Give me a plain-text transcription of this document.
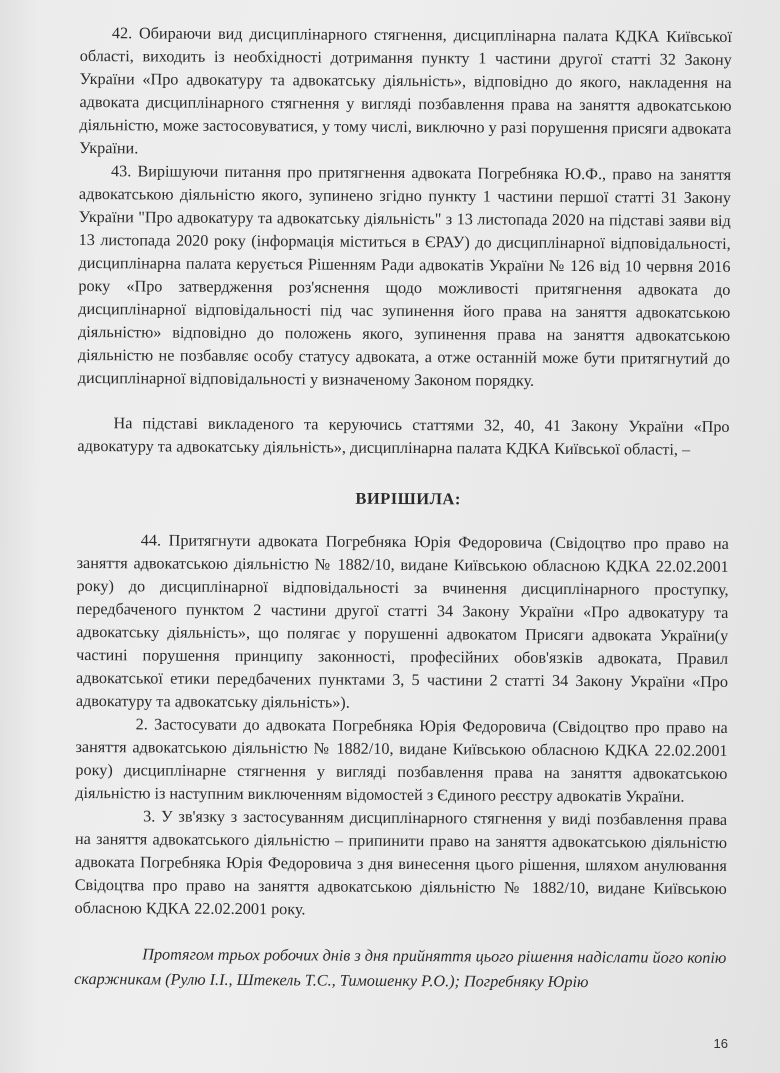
42. Обираючи вид дисциплінарного стягнення, дисциплінарна палата КДКА Київської області, виходить із необхідності дотримання пункту 1 частини другої статті 32 Закону України «Про адвокатуру та адвокатську діяльність», відповідно до якого, накладення на адвоката дисциплінарного стягнення у вигляді позбавлення права на заняття адвокатською діяльністю, може застосовуватися, у тому числі, виключно у разі порушення присяги адвоката України.

43. Вирішуючи питання про притягнення адвоката Погребняка Ю.Ф., право на заняття адвокатською діяльністю якого, зупинено згідно пункту 1 частини першої статті 31 Закону України "Про адвокатуру та адвокатську діяльність" з 13 листопада 2020 на підставі заяви від 13 листопада 2020 року (інформація міститься в ЄРАУ) до дисциплінарної відповідальності, дисциплінарна палата керується Рішенням Ради адвокатів України № 126 від 10 червня 2016 року «Про затвердження роз'яснення щодо можливості притягнення адвоката до дисциплінарної відповідальності під час зупинення його права на заняття адвокатською діяльністю» відповідно до положень якого, зупинення права на заняття адвокатською діяльністю не позбавляє особу статусу адвоката, а отже останній може бути притягнутий до дисциплінарної відповідальності у визначеному Законом порядку.

На підставі викладеного та керуючись статтями 32, 40, 41 Закону України «Про адвокатуру та адвокатську діяльність», дисциплінарна палата КДКА Київської області, –

ВИРІШИЛА:

44. Притягнути адвоката Погребняка Юрія Федоровича (Свідоцтво про право на заняття адвокатською діяльністю № 1882/10, видане Київською обласною КДКА 22.02.2001 року) до дисциплінарної відповідальності за вчинення дисциплінарного проступку, передбаченого пунктом 2 частини другої статті 34 Закону України «Про адвокатуру та адвокатську діяльність», що полягає у порушенні адвокатом Присяги адвоката України(у частині порушення принципу законності, професійних обов'язків адвоката, Правил адвокатської етики передбачених пунктами 3, 5 частини 2 статті 34 Закону України «Про адвокатуру та адвокатську діяльність»).

2. Застосувати до адвоката Погребняка Юрія Федоровича (Свідоцтво про право на заняття адвокатською діяльністю № 1882/10, видане Київською обласною КДКА 22.02.2001 року) дисциплінарне стягнення у вигляді позбавлення права на заняття адвокатською діяльністю із наступним виключенням відомостей з Єдиного реєстру адвокатів України.

3. У зв'язку з застосуванням дисциплінарного стягнення у виді позбавлення права на заняття адвокатського діяльністю – припинити право на заняття адвокатською діяльністю адвоката Погребняка Юрія Федоровича з дня винесення цього рішення, шляхом анулювання Свідоцтва про право на заняття адвокатською діяльністю № 1882/10, видане Київською обласною КДКА 22.02.2001 року.

Протягом трьох робочих днів з дня прийняття цього рішення надіслати його копію скаржникам (Рулю І.І., Штекель Т.С., Тимошенку Р.О.); Погребняку Юрію

16
